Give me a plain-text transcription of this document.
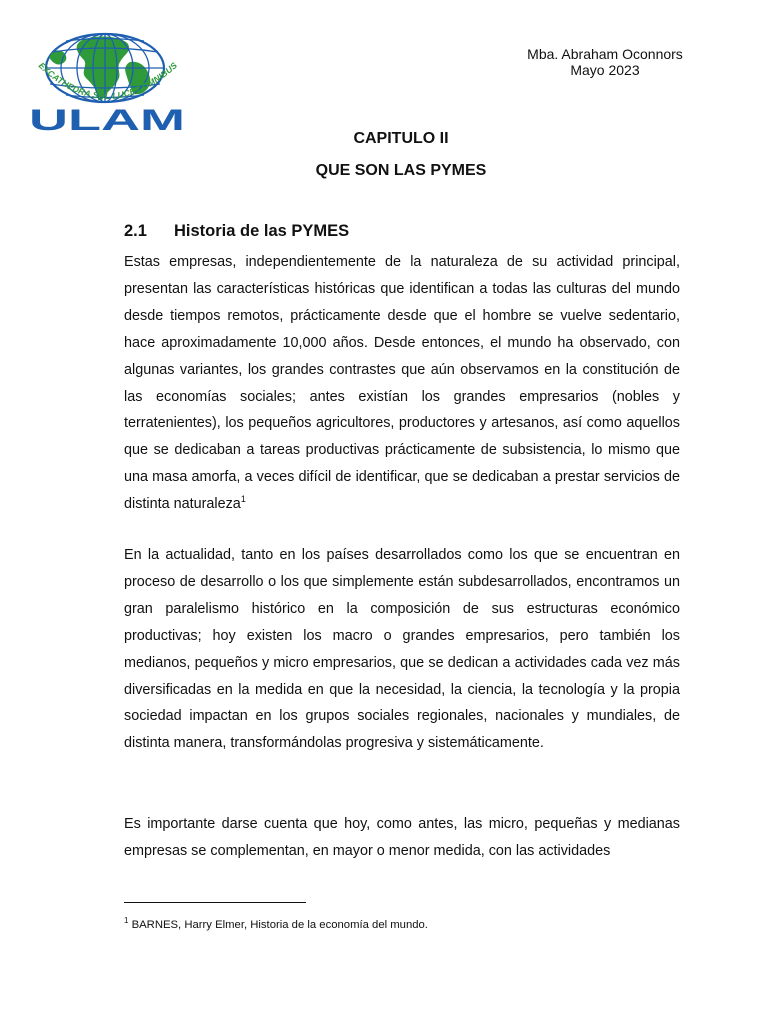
EXCATHEDRA SOL LUCET OMNIBUS
ULAM
Mba. Abraham Oconnors
Mayo 2023
CAPITULO II
QUE SON LAS PYMES
2.1 Historia de las PYMES

Estas empresas, independientemente de la naturaleza de su actividad principal, presentan las características históricas que identifican a todas las culturas del mundo desde tiempos remotos, prácticamente desde que el hombre se vuelve sedentario, hace aproximadamente 10,000 años. Desde entonces, el mundo ha observado, con algunas variantes, los grandes contrastes que aún observamos en la constitución de las economías sociales; antes existían los grandes empresarios (nobles y terratenientes), los pequeños agricultores, productores y artesanos, así como aquellos que se dedicaban a tareas productivas prácticamente de subsistencia, lo mismo que una masa amorfa, a veces difícil de identificar, que se dedicaban a prestar servicios de distinta naturaleza$^1$

En la actualidad, tanto en los países desarrollados como los que se encuentran en proceso de desarrollo o los que simplemente están subdesarrollados, encontramos un gran paralelismo histórico en la composición de sus estructuras económico productivas; hoy existen los macro o grandes empresarios, pero también los medianos, pequeños y micro empresarios, que se dedican a actividades cada vez más diversificadas en la medida en que la necesidad, la ciencia, la tecnología y la propia sociedad impactan en los grupos sociales regionales, nacionales y mundiales, de distinta manera, transformándolas progresiva y sistemáticamente.

Es importante darse cuenta que hoy, como antes, las micro, pequeñas y medianas empresas se complementan, en mayor o menor medida, con las actividades

$^1$ BARNES, Harry Elmer, Historia de la economía del mundo.
